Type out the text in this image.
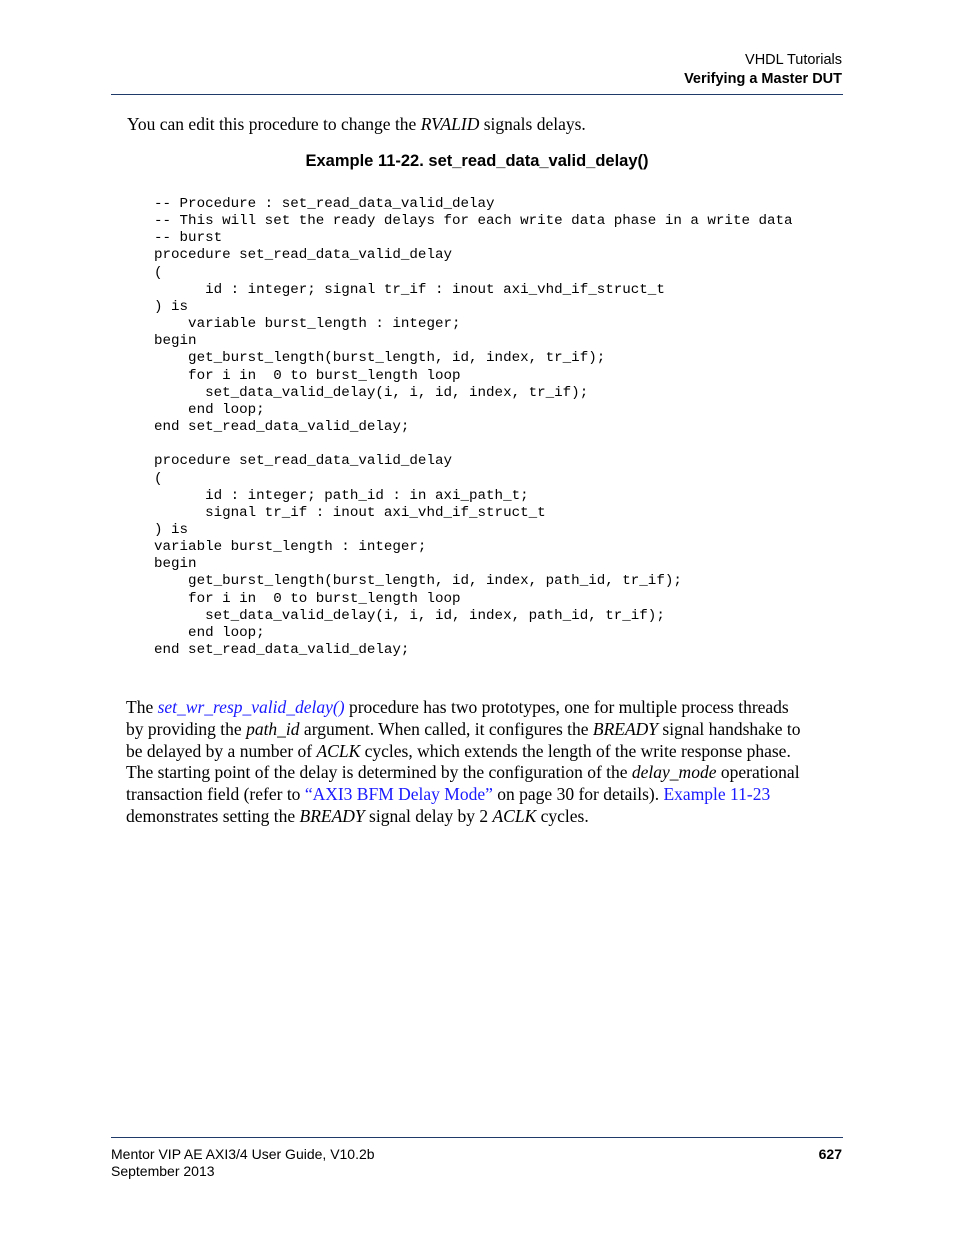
VHDL Tutorials
Verifying a Master DUT
You can edit this procedure to change the RVALID signals delays.
Example 11-22. set_read_data_valid_delay()
-- Procedure : set_read_data_valid_delay
-- This will set the ready delays for each write data phase in a write data
-- burst
procedure set_read_data_valid_delay
(
id : integer; signal tr_if : inout axi_vhd_if_struct_t
) is
variable burst_length : integer;
begin
get_burst_length(burst_length, id, index, tr_if);
for i in  0 to burst_length loop
set_data_valid_delay(i, i, id, index, tr_if);
end loop;
end set_read_data_valid_delay;

procedure set_read_data_valid_delay
(
id : integer; path_id : in axi_path_t;
signal tr_if : inout axi_vhd_if_struct_t
) is
variable burst_length : integer;
begin
get_burst_length(burst_length, id, index, path_id, tr_if);
for i in  0 to burst_length loop
set_data_valid_delay(i, i, id, index, path_id, tr_if);
end loop;
end set_read_data_valid_delay;
The set_wr_resp_valid_delay() procedure has two prototypes, one for multiple process threads
by providing the path_id argument. When called, it configures the BREADY signal handshake to
be delayed by a number of ACLK cycles, which extends the length of the write response phase.
The starting point of the delay is determined by the configuration of the delay_mode operational
transaction field (refer to “AXI3 BFM Delay Mode” on page 30 for details). Example 11-23
demonstrates setting the BREADY signal delay by 2 ACLK cycles.
Mentor VIP AE AXI3/4 User Guide, V10.2b
September 2013
627
